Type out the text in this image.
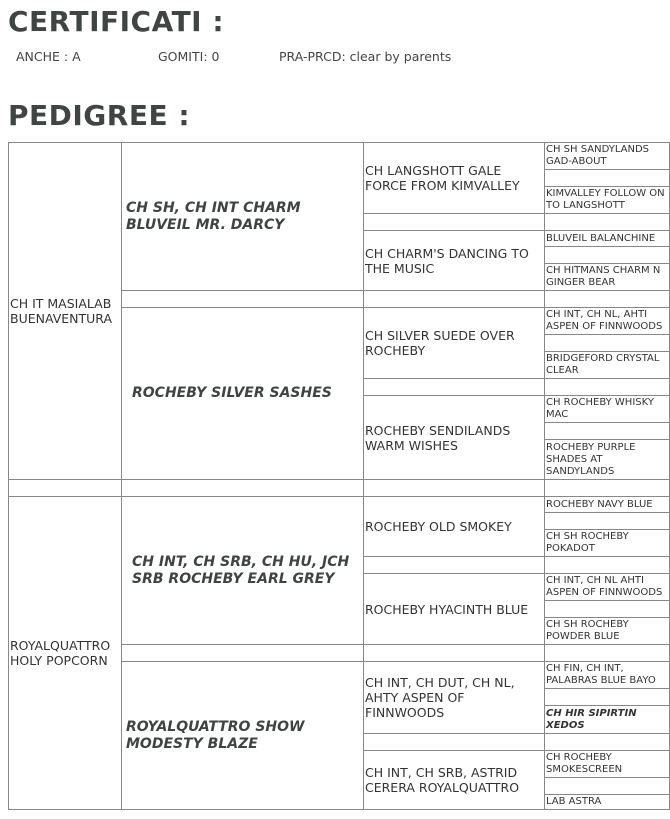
CERTIFICATI :
ANCHE : A	GOMITI: 0	PRA-PRCD: clear by parents
PEDIGREE :
CH IT MASIALAB BUENAVENTURA
ROYALQUATTRO HOLY POPCORN
CH SH, CH INT CHARM BLUVEIL MR. DARCY
ROCHEBY SILVER SASHES
CH INT, CH SRB, CH HU, JCH SRB ROCHEBY EARL GREY
ROYALQUATTRO SHOW MODESTY BLAZE
CH LANGSHOTT GALE FORCE FROM KIMVALLEY
CH CHARM'S DANCING TO THE MUSIC
CH SILVER SUEDE OVER ROCHEBY
ROCHEBY SENDILANDS WARM WISHES
ROCHEBY OLD SMOKEY
ROCHEBY HYACINTH BLUE
CH INT, CH DUT, CH NL, AHTY ASPEN OF FINNWOODS
CH INT, CH SRB, ASTRID CERERA ROYALQUATTRO
CH SH SANDYLANDS GAD-ABOUT
KIMVALLEY FOLLOW ON TO LANGSHOTT
BLUVEIL BALANCHINE
CH HITMANS CHARM N GINGER BEAR
CH INT, CH NL, AHTI ASPEN OF FINNWOODS
BRIDGEFORD CRYSTAL CLEAR
CH ROCHEBY WHISKY MAC
ROCHEBY PURPLE SHADES AT SANDYLANDS
ROCHEBY NAVY BLUE
CH SH ROCHEBY POKADOT
CH INT, CH NL AHTI ASPEN OF FINNWOODS
CH SH ROCHEBY POWDER BLUE
CH FIN, CH INT, PALABRAS BLUE BAYO
CH HIR SIPIRTIN XEDOS
CH ROCHEBY SMOKESCREEN
LAB ASTRA
